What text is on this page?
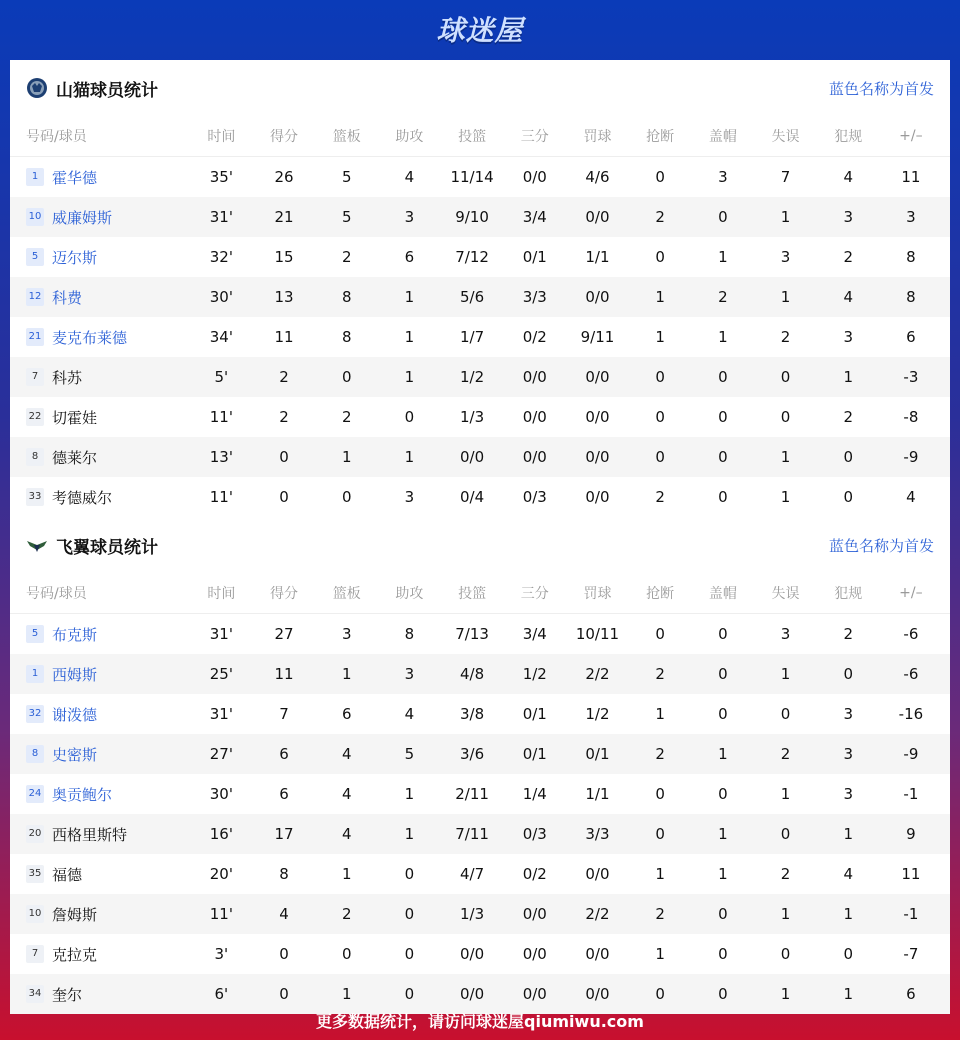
球迷屋
山猫球员统计	蓝色名称为首发
号码/球员	时间	得分	篮板	助攻	投篮	三分	罚球	抢断	盖帽	失误	犯规	+/–
1 霍华德	35'	26	5	4	11/14	0/0	4/6	0	3	7	4	11
10 威廉姆斯	31'	21	5	3	9/10	3/4	0/0	2	0	1	3	3
5 迈尔斯	32'	15	2	6	7/12	0/1	1/1	0	1	3	2	8
12 科费	30'	13	8	1	5/6	3/3	0/0	1	2	1	4	8
21 麦克布莱德	34'	11	8	1	1/7	0/2	9/11	1	1	2	3	6
7 科苏	5'	2	0	1	1/2	0/0	0/0	0	0	0	1	-3
22 切霍娃	11'	2	2	0	1/3	0/0	0/0	0	0	0	2	-8
8 德莱尔	13'	0	1	1	0/0	0/0	0/0	0	0	1	0	-9
33 考德威尔	11'	0	0	3	0/4	0/3	0/0	2	0	1	0	4
飞翼球员统计	蓝色名称为首发
号码/球员	时间	得分	篮板	助攻	投篮	三分	罚球	抢断	盖帽	失误	犯规	+/–
5 布克斯	31'	27	3	8	7/13	3/4	10/11	0	0	3	2	-6
1 西姆斯	25'	11	1	3	4/8	1/2	2/2	2	0	1	0	-6
32 谢泼德	31'	7	6	4	3/8	0/1	1/2	1	0	0	3	-16
8 史密斯	27'	6	4	5	3/6	0/1	0/1	2	1	2	3	-9
24 奥贡鲍尔	30'	6	4	1	2/11	1/4	1/1	0	0	1	3	-1
20 西格里斯特	16'	17	4	1	7/11	0/3	3/3	0	1	0	1	9
35 福德	20'	8	1	0	4/7	0/2	0/0	1	1	2	4	11
10 詹姆斯	11'	4	2	0	1/3	0/0	2/2	2	0	1	1	-1
7 克拉克	3'	0	0	0	0/0	0/0	0/0	1	0	0	0	-7
34 奎尔	6'	0	1	0	0/0	0/0	0/0	0	0	1	1	6
更多数据统计，请访问球迷屋qiumiwu.com
